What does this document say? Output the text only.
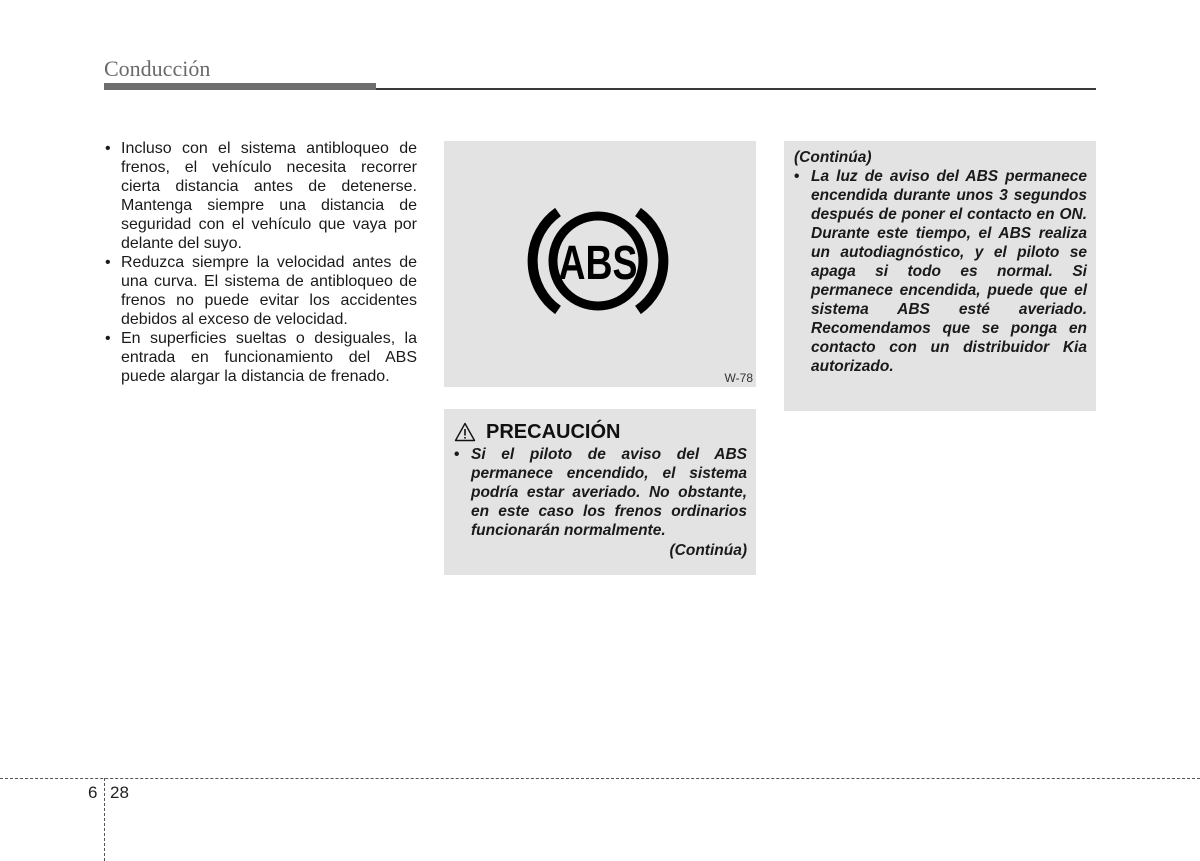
Conducción
• Incluso con el sistema antibloqueo de frenos, el vehículo necesita recorrer cierta distancia antes de detenerse. Mantenga siempre una distancia de seguridad con el vehículo que vaya por delante del suyo.
• Reduzca siempre la velocidad antes de una curva. El sistema de antibloqueo de frenos no puede evitar los accidentes debidos al exceso de velocidad.
• En superficies sueltas o desiguales, la entrada en funcionamiento del ABS puede alargar la distancia de frenado.
ABS
W-78
PRECAUCIÓN
• Si el piloto de aviso del ABS permanece encendido, el sistema podría estar averiado. No obstante, en este caso los frenos ordinarios funcionarán normalmente.
(Continúa)
(Continúa)
• La luz de aviso del ABS permanece encendida durante unos 3 segundos después de poner el contacto en ON. Durante este tiempo, el ABS realiza un autodiagnóstico, y el piloto se apaga si todo es normal. Si permanece encendida, puede que el sistema ABS esté averiado. Recomendamos que se ponga en contacto con un distribuidor Kia autorizado.
6 28
